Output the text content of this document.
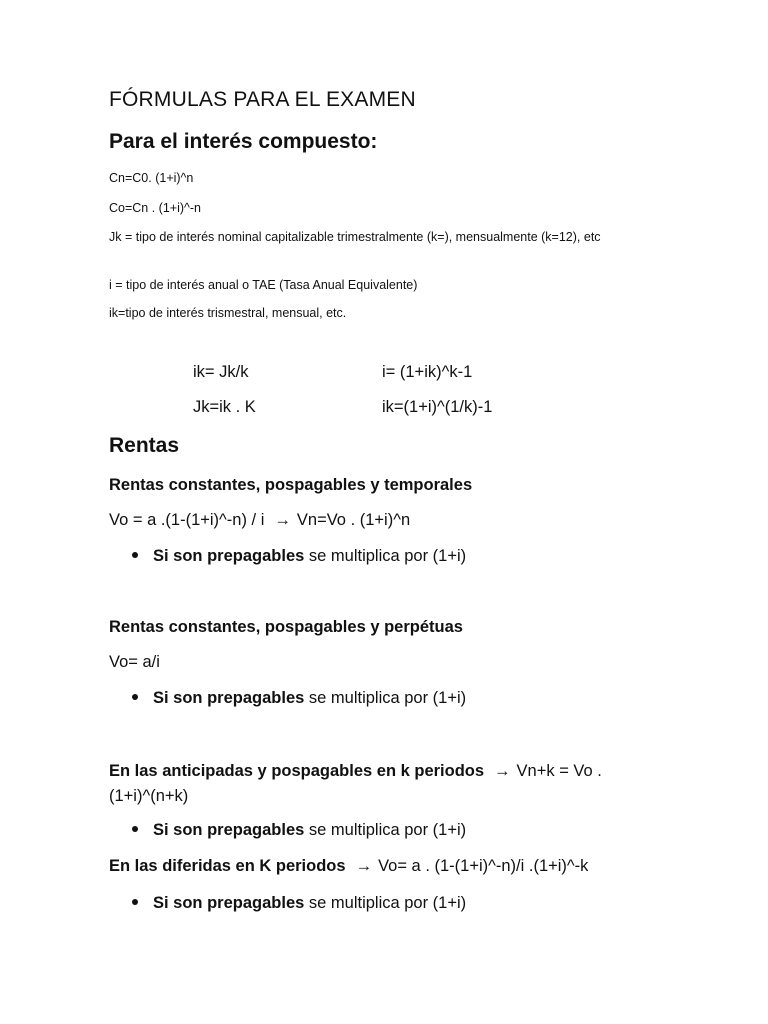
FÓRMULAS PARA EL EXAMEN
Para el interés compuesto:
Cn=C0. (1+i)^n
Co=Cn . (1+i)^-n
Jk = tipo de interés nominal capitalizable trimestralmente (k=), mensualmente (k=12), etc
i = tipo de interés anual o TAE (Tasa Anual Equivalente)
ik=tipo de interés trismestral, mensual, etc.
ik= Jk/k	i= (1+ik)^k-1
Jk=ik . K	ik=(1+i)^(1/k)-1
Rentas
Rentas constantes, pospagables y temporales
Vo = a .(1-(1+i)^-n) / i → Vn=Vo . (1+i)^n
Si son prepagables se multiplica por (1+i)
Rentas constantes, pospagables y perpétuas
Vo= a/i
Si son prepagables se multiplica por (1+i)
En las anticipadas y pospagables en k periodos → Vn+k = Vo . (1+i)^(n+k)
Si son prepagables se multiplica por (1+i)
En las diferidas en K periodos → Vo= a . (1-(1+i)^-n)/i .(1+i)^-k
Si son prepagables se multiplica por (1+i)
